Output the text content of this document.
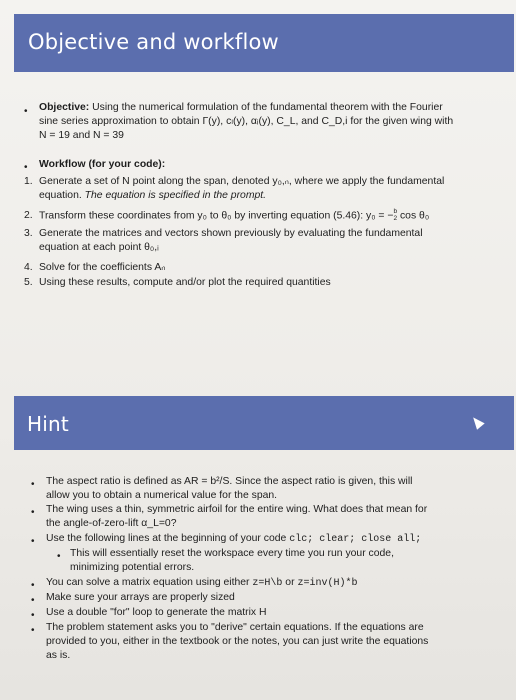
Objective and workflow
• Objective: Using the numerical formulation of the fundamental theorem with the Fourier
sine series approximation to obtain Γ(y), cₗ(y), αᵢ(y), C_L, and C_D,i for the given wing with
N = 19 and N = 39
• Workflow (for your code):
1. Generate a set of N point along the span, denoted y₀,ₙ, where we apply the fundamental
equation. The equation is specified in the prompt.
2. Transform these coordinates from y₀ to θ₀ by inverting equation (5.46): y₀ = −b
2 cos θ₀
3. Generate the matrices and vectors shown previously by evaluating the fundamental
equation at each point θ₀,ᵢ
4. Solve for the coefficients Aₙ
5. Using these results, compute and/or plot the required quantities
Hint
• The aspect ratio is defined as AR = b²/S. Since the aspect ratio is given, this will
allow you to obtain a numerical value for the span.
• The wing uses a thin, symmetric airfoil for the entire wing. What does that mean for
the angle-of-zero-lift α_L=0?
• Use the following lines at the beginning of your code clc; clear; close all;
• This will essentially reset the workspace every time you run your code,
minimizing potential errors.
• You can solve a matrix equation using either z=H\b or z=inv(H)*b
• Make sure your arrays are properly sized
• Use a double "for" loop to generate the matrix H
• The problem statement asks you to "derive" certain equations. If the equations are
provided to you, either in the textbook or the notes, you can just write the equations
as is.
